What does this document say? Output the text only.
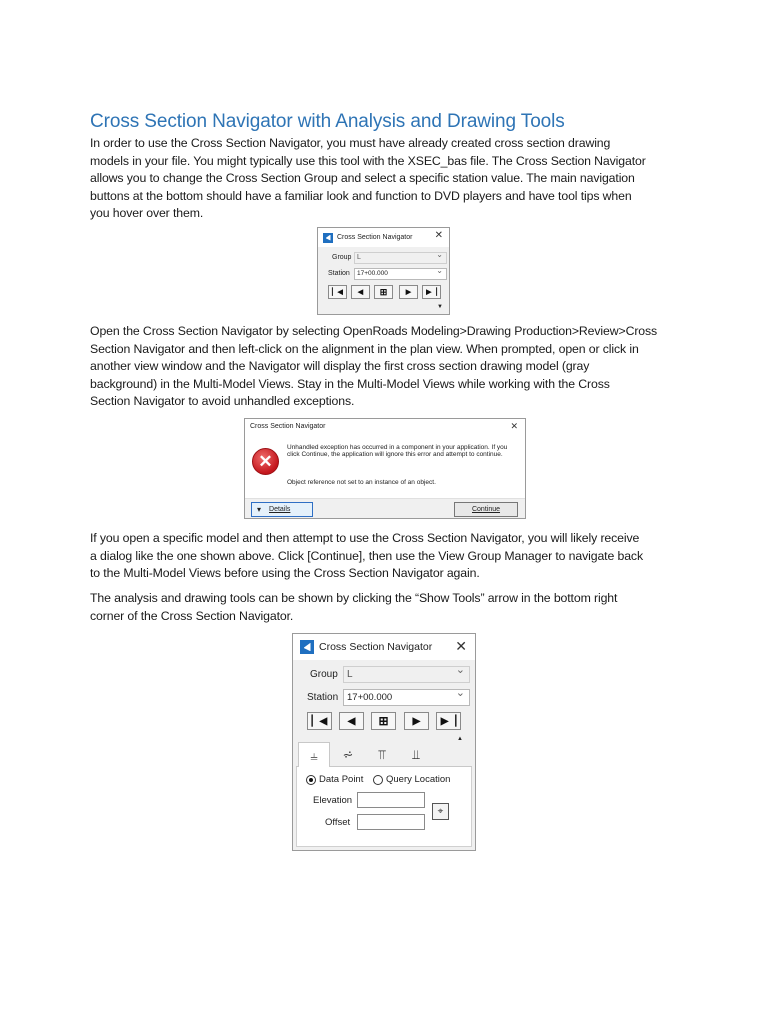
Cross Section Navigator with Analysis and Drawing Tools
In order to use the Cross Section Navigator, you must have already created cross section drawing
models in your file. You might typically use this tool with the XSEC_bas file. The Cross Section Navigator
allows you to change the Cross Section Group and select a specific station value. The main navigation
buttons at the bottom should have a familiar look and function to DVD players and have tool tips when
you hover over them.
Cross Section Navigator ✕
Group L	⌄
Station 17+00.000	⌄
▏◀ ◀ ⊞	▶ ▶▕
▼
Open the Cross Section Navigator by selecting OpenRoads Modeling>Drawing Production>Review>Cross
Section Navigator and then left-click on the alignment in the plan view. When prompted, open or click in
another view window and the Navigator will display the first cross section drawing model (gray
background) in the Multi-Model Views. Stay in the Multi-Model Views while working with the Cross
Section Navigator to avoid unhandled exceptions.
Cross Section Navigator	✕
✕
Unhandled exception has occurred in a component in your application. If you click Continue, the application will ignore this error and attempt to continue.
Object reference not set to an instance of an object.
▾ Details	Continue
If you open a specific model and then attempt to use the Cross Section Navigator, you will likely receive
a dialog like the one shown above. Click [Continue], then use the View Group Manager to navigate back
to the Multi-Model Views before using the Cross Section Navigator again.
The analysis and drawing tools can be shown by clicking the “Show Tools” arrow in the bottom right
corner of the Cross Section Navigator.
Cross Section Navigator ✕
Group L	⌄
Station 17+00.000	⌄
▏◀ ◀ ⊞ ▶ ▶▕
▲
⫨ ⩫ ⫪ ⫫
Data Point Query Location
Elevation
Offset
⌖
